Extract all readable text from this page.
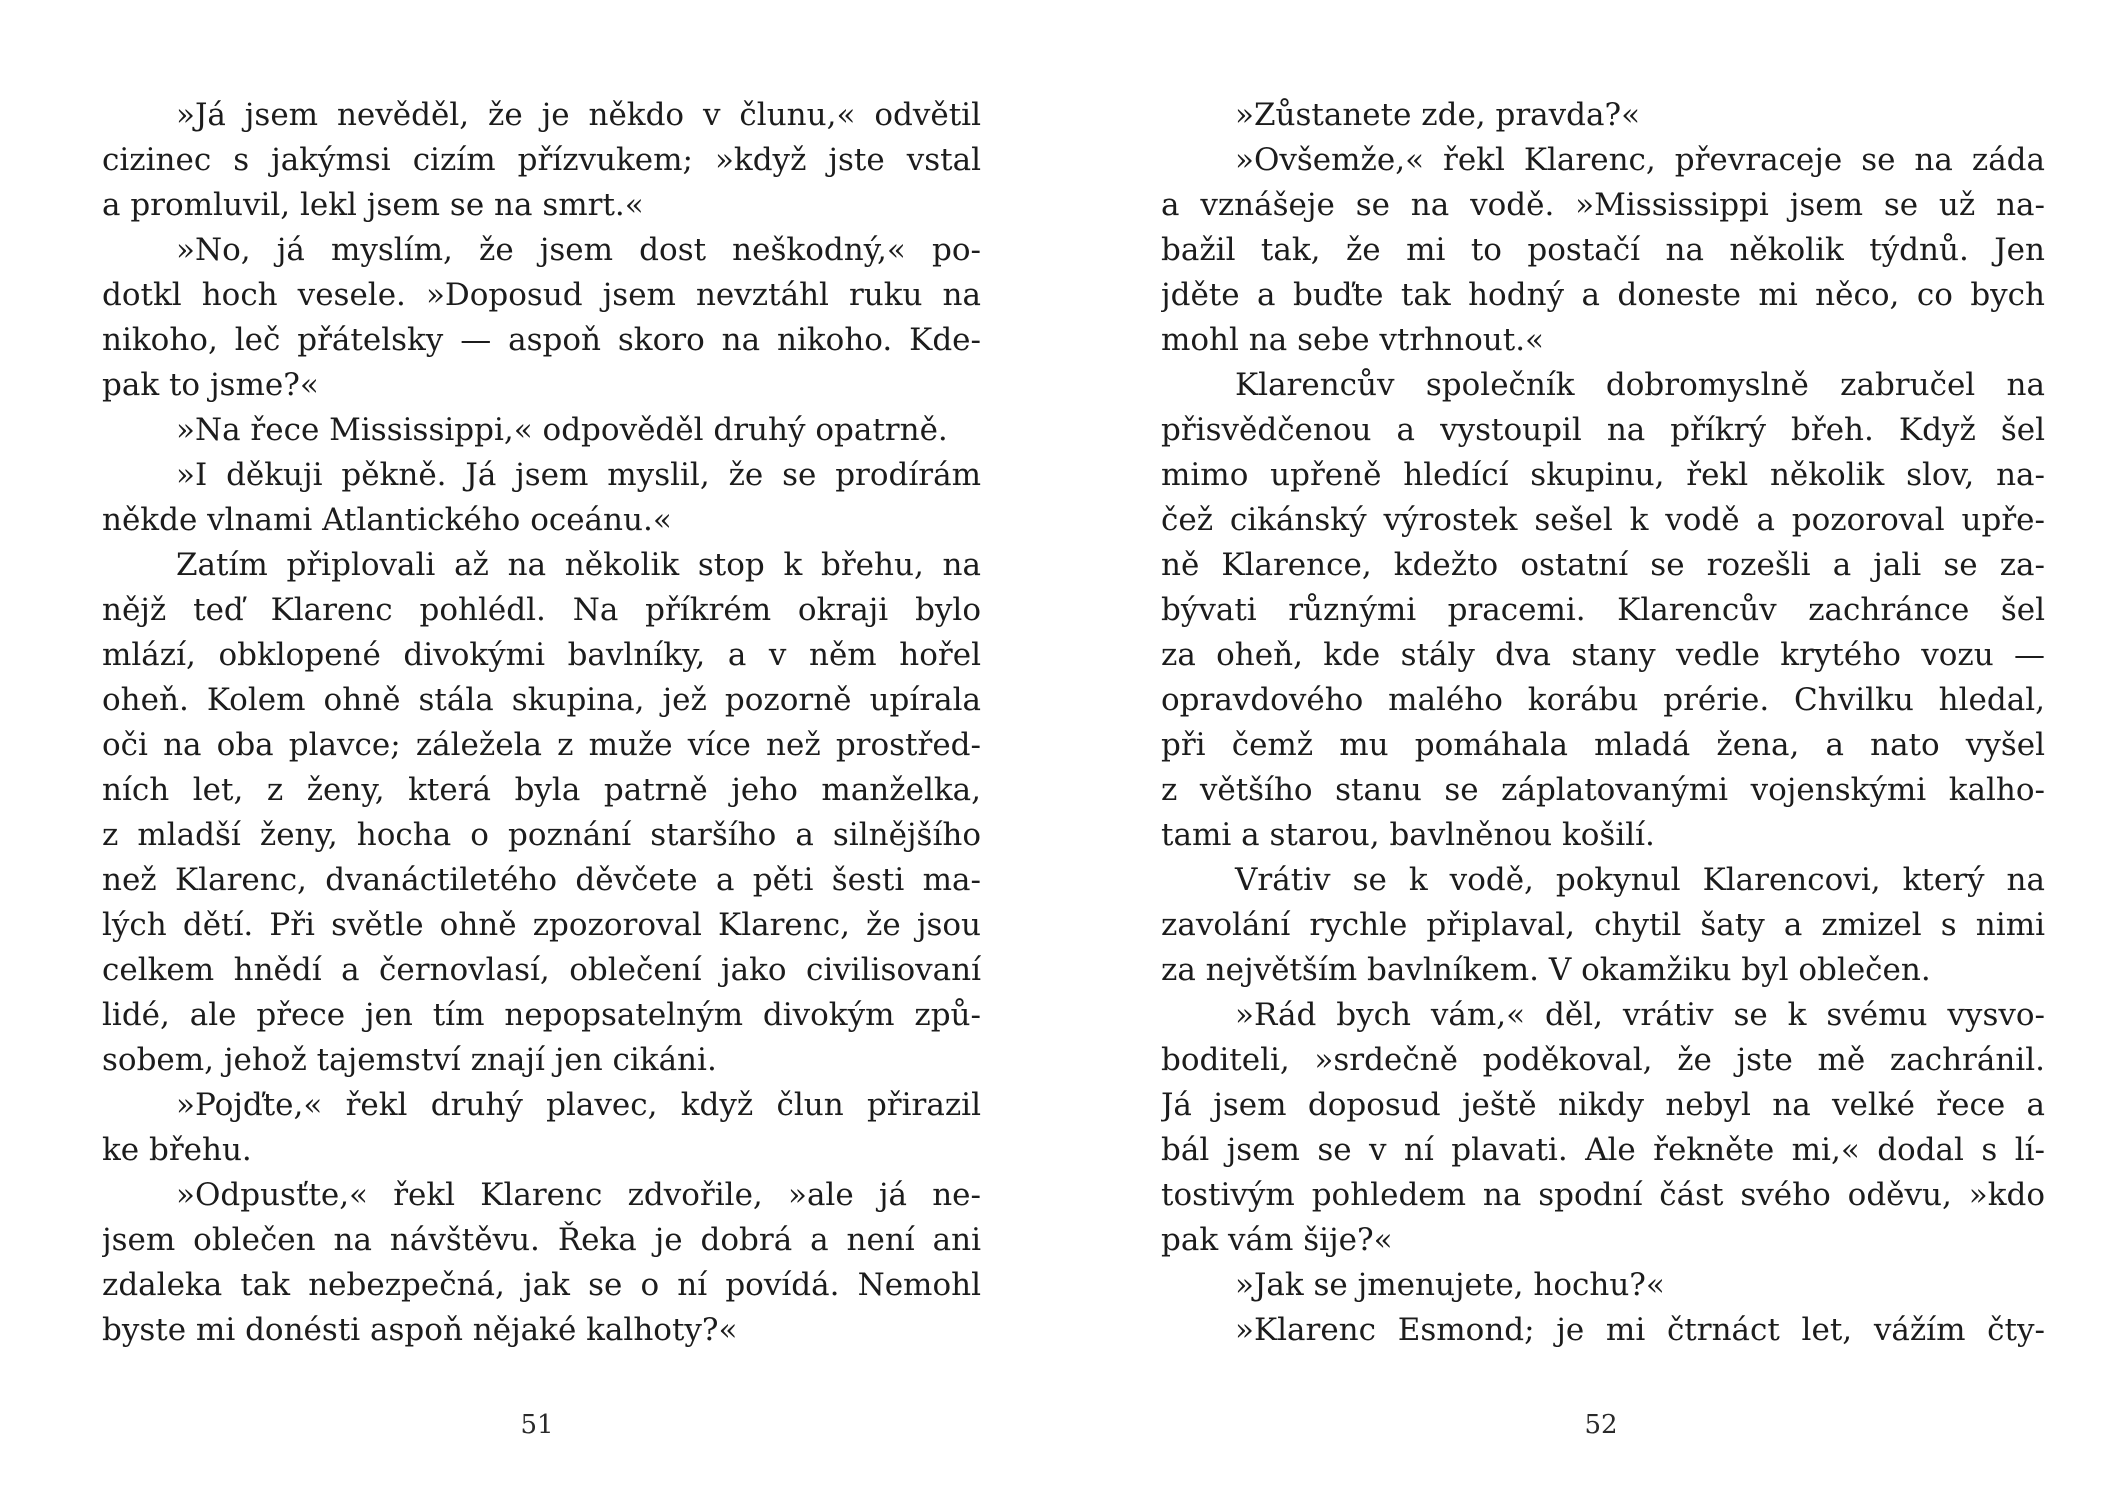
»Já jsem nevěděl, že je někdo v člunu,« odvětil
cizinec s jakýmsi cizím přízvukem; »když jste vstal
a promluvil, lekl jsem se na smrt.«
»No, já myslím, že jsem dost neškodný,« po-
dotkl hoch vesele. »Doposud jsem nevztáhl ruku na
nikoho, leč přátelsky — aspoň skoro na nikoho. Kde-
pak to jsme?«
»Na řece Mississippi,« odpověděl druhý opatrně.
»I děkuji pěkně. Já jsem myslil, že se prodírám
někde vlnami Atlantického oceánu.«
Zatím připlovali až na několik stop k břehu, na
nějž teď Klarenc pohlédl. Na příkrém okraji bylo
mlází, obklopené divokými bavlníky, a v něm hořel
oheň. Kolem ohně stála skupina, jež pozorně upírala
oči na oba plavce; záležela z muže více než prostřed-
ních let, z ženy, která byla patrně jeho manželka,
z mladší ženy, hocha o poznání staršího a silnějšího
než Klarenc, dvanáctiletého děvčete a pěti šesti ma-
lých dětí. Při světle ohně zpozoroval Klarenc, že jsou
celkem hnědí a černovlasí, oblečení jako civilisovaní
lidé, ale přece jen tím nepopsatelným divokým způ-
sobem, jehož tajemství znají jen cikáni.
»Pojďte,« řekl druhý plavec, když člun přirazil
ke břehu.
»Odpusťte,« řekl Klarenc zdvořile, »ale já ne-
jsem oblečen na návštěvu. Řeka je dobrá a není ani
zdaleka tak nebezpečná, jak se o ní povídá. Nemohl
byste mi donésti aspoň nějaké kalhoty?«
51
»Zůstanete zde, pravda?«
»Ovšemže,« řekl Klarenc, převraceje se na záda
a vznášeje se na vodě. »Mississippi jsem se už na-
bažil tak, že mi to postačí na několik týdnů. Jen
jděte a buďte tak hodný a doneste mi něco, co bych
mohl na sebe vtrhnout.«
Klarencův společník dobromyslně zabručel na
přisvědčenou a vystoupil na příkrý břeh. Když šel
mimo upřeně hledící skupinu, řekl několik slov, na-
čež cikánský výrostek sešel k vodě a pozoroval upře-
ně Klarence, kdežto ostatní se rozešli a jali se za-
bývati různými pracemi. Klarencův zachránce šel
za oheň, kde stály dva stany vedle krytého vozu —
opravdového malého korábu prérie. Chvilku hledal,
při čemž mu pomáhala mladá žena, a nato vyšel
z většího stanu se záplatovanými vojenskými kalho-
tami a starou, bavlněnou košilí.
Vrátiv se k vodě, pokynul Klarencovi, který na
zavolání rychle připlaval, chytil šaty a zmizel s nimi
za největším bavlníkem. V okamžiku byl oblečen.
»Rád bych vám,« děl, vrátiv se k svému vysvo-
boditeli, »srdečně poděkoval, že jste mě zachránil.
Já jsem doposud ještě nikdy nebyl na velké řece a
bál jsem se v ní plavati. Ale řekněte mi,« dodal s lí-
tostivým pohledem na spodní část svého oděvu, »kdo
pak vám šije?«
»Jak se jmenujete, hochu?«
»Klarenc Esmond; je mi čtrnáct let, vážím čty-
52
